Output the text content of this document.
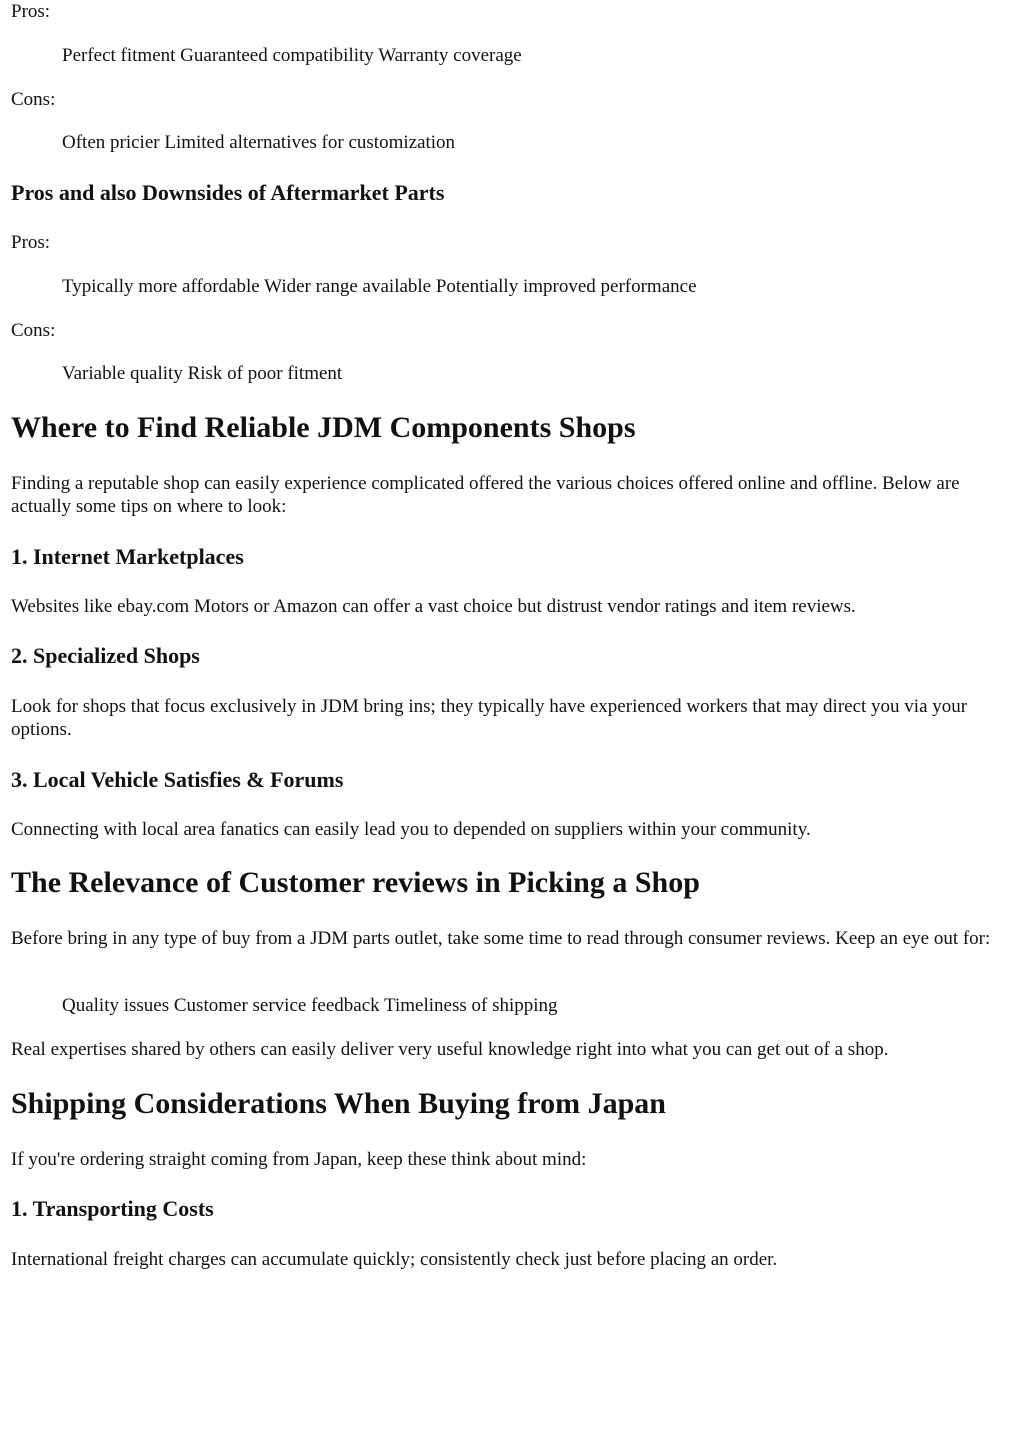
Pros:

Perfect fitment Guaranteed compatibility Warranty coverage

Cons:

Often pricier Limited alternatives for customization

Pros and also Downsides of Aftermarket Parts

Pros:

Typically more affordable Wider range available Potentially improved performance

Cons:

Variable quality Risk of poor fitment

Where to Find Reliable JDM Components Shops

Finding a reputable shop can easily experience complicated offered the various choices offered online and offline. Below are actually some tips on where to look:

1. Internet Marketplaces

Websites like ebay.com Motors or Amazon can offer a vast choice but distrust vendor ratings and item reviews.

2. Specialized Shops

Look for shops that focus exclusively in JDM bring ins; they typically have experienced workers that may direct you via your options.

3. Local Vehicle Satisfies & Forums

Connecting with local area fanatics can easily lead you to depended on suppliers within your community.

The Relevance of Customer reviews in Picking a Shop

Before bring in any type of buy from a JDM parts outlet, take some time to read through consumer reviews. Keep an eye out for:

Quality issues Customer service feedback Timeliness of shipping

Real expertises shared by others can easily deliver very useful knowledge right into what you can get out of a shop.

Shipping Considerations When Buying from Japan

If you're ordering straight coming from Japan, keep these think about mind:

1. Transporting Costs

International freight charges can accumulate quickly; consistently check just before placing an order.
